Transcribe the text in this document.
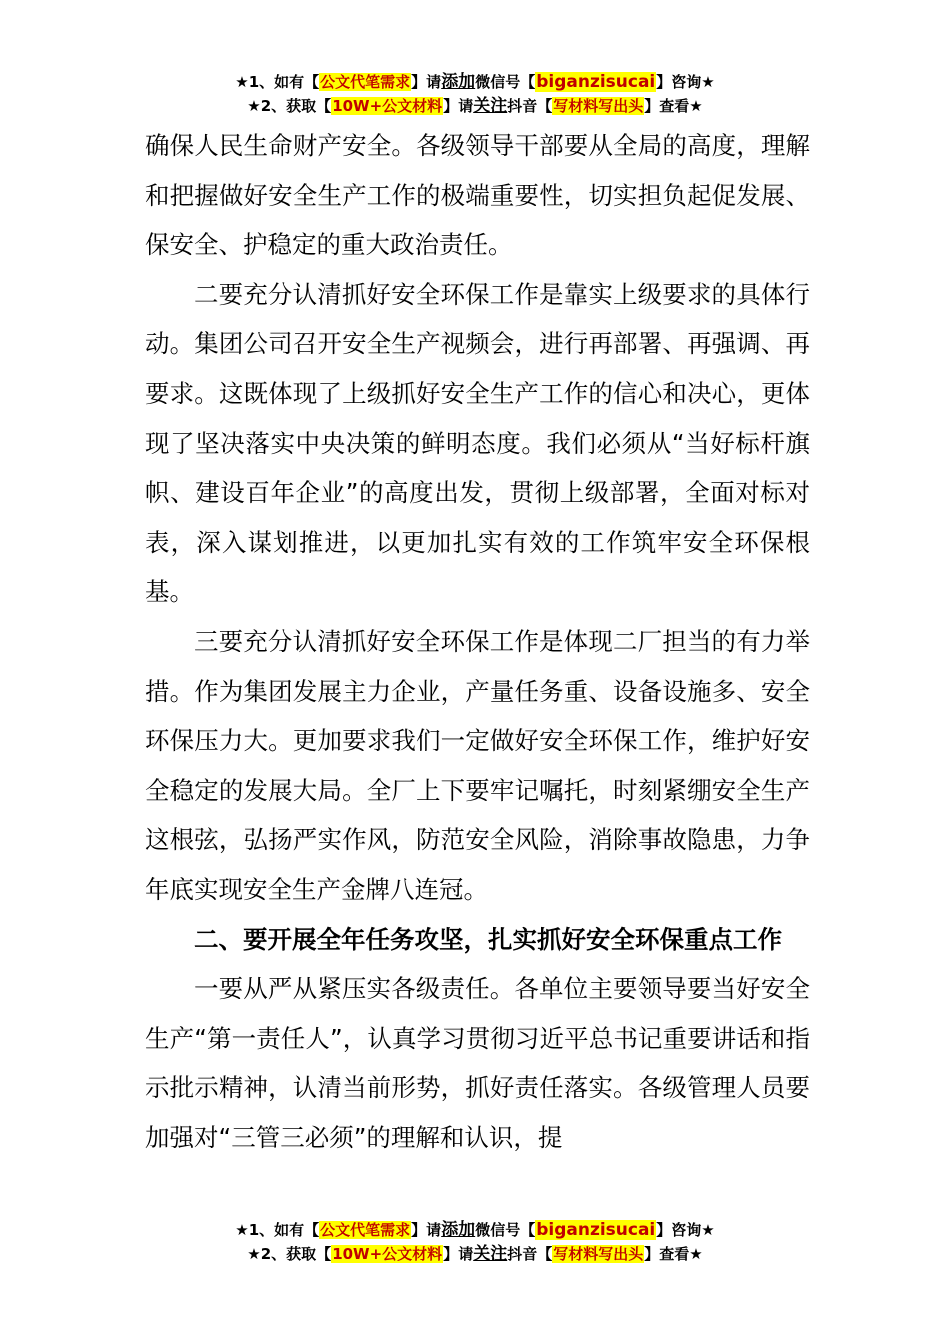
★1、如有【公文代笔需求】请添加微信号【biganzisucai】咨询★
★2、获取【10W+公文材料】请关注抖音【写材料写出头】查看★

确保人民生命财产安全。各级领导干部要从全局的高度，理解和把握做好安全生产工作的极端重要性，切实担负起促发展、保安全、护稳定的重大政治责任。

二要充分认清抓好安全环保工作是靠实上级要求的具体行动。集团公司召开安全生产视频会，进行再部署、再强调、再要求。这既体现了上级抓好安全生产工作的信心和决心，更体现了坚决落实中央决策的鲜明态度。我们必须从“当好标杆旗帜、建设百年企业”的高度出发，贯彻上级部署，全面对标对表，深入谋划推进，以更加扎实有效的工作筑牢安全环保根基。

三要充分认清抓好安全环保工作是体现二厂担当的有力举措。作为集团发展主力企业，产量任务重、设备设施多、安全环保压力大。更加要求我们一定做好安全环保工作，维护好安全稳定的发展大局。全厂上下要牢记嘱托，时刻紧绷安全生产这根弦，弘扬严实作风，防范安全风险，消除事故隐患，力争年底实现安全生产金牌八连冠。

二、要开展全年任务攻坚，扎实抓好安全环保重点工作

一要从严从紧压实各级责任。各单位主要领导要当好安全生产“第一责任人”，认真学习贯彻习近平总书记重要讲话和指示批示精神，认清当前形势，抓好责任落实。各级管理人员要加强对“三管三必须”的理解和认识，提

★1、如有【公文代笔需求】请添加微信号【biganzisucai】咨询★
★2、获取【10W+公文材料】请关注抖音【写材料写出头】查看★
